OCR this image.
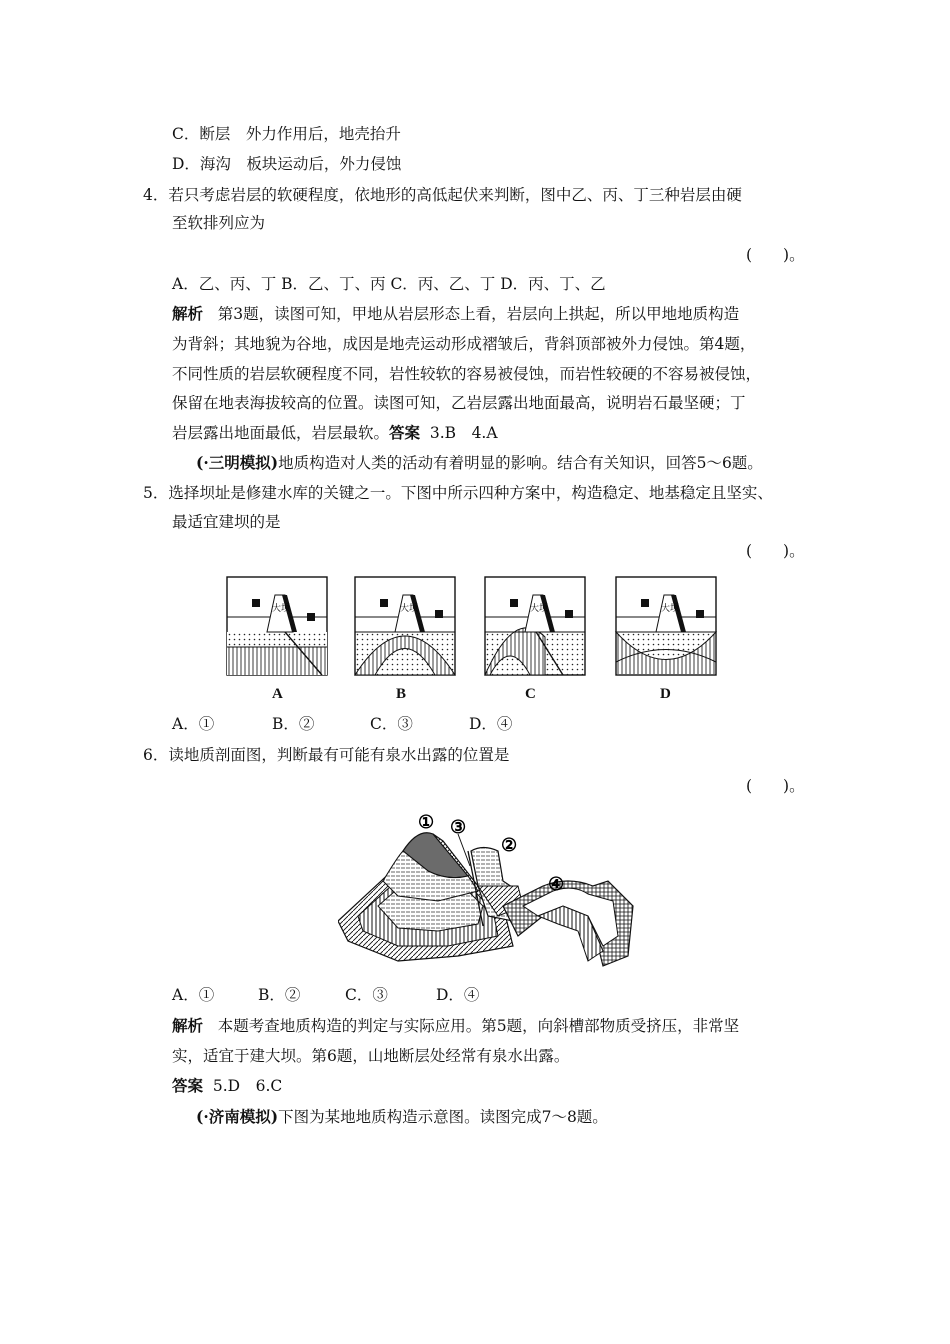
C．断层　外力作用后，地壳抬升
D．海沟　板块运动后，外力侵蚀
4．若只考虑岩层的软硬程度，依地形的高低起伏来判断，图中乙、丙、丁三种岩层由硬
至软排列应为
(　　)。
A．乙、丙、丁 B．乙、丁、丙 C．丙、乙、丁 D．丙、丁、乙
解析 第3题，读图可知，甲地从岩层形态上看，岩层向上拱起，所以甲地地质构造
为背斜；其地貌为谷地，成因是地壳运动形成褶皱后，背斜顶部被外力侵蚀。第4题，
不同性质的岩层软硬程度不同，岩性较软的容易被侵蚀，而岩性较硬的不容易被侵蚀，
保留在地表海拔较高的位置。读图可知，乙岩层露出地面最高，说明岩石最坚硬；丁
岩层露出地面最低，岩层最软。答案 3.B　4.A
(·三明模拟)地质构造对人类的活动有着明显的影响。结合有关知识，回答5～6题。
5．选择坝址是修建水库的关键之一。下图中所示四种方案中，构造稳定、地基稳定且坚实、
最适宜建坝的是
(　　)。
大坝	大坝	大坝	大坝
A	B	C	D
A．①	B．②	C．③	D．④
6．读地质剖面图，判断最有可能有泉水出露的位置是
(　　)。
①
②
③
④
A．①	B．②	C．③	D．④
解析 本题考查地质构造的判定与实际应用。第5题，向斜槽部物质受挤压，非常坚
实，适宜于建大坝。第6题，山地断层处经常有泉水出露。
答案 5.D　6.C
(·济南模拟)下图为某地地质构造示意图。读图完成7～8题。
